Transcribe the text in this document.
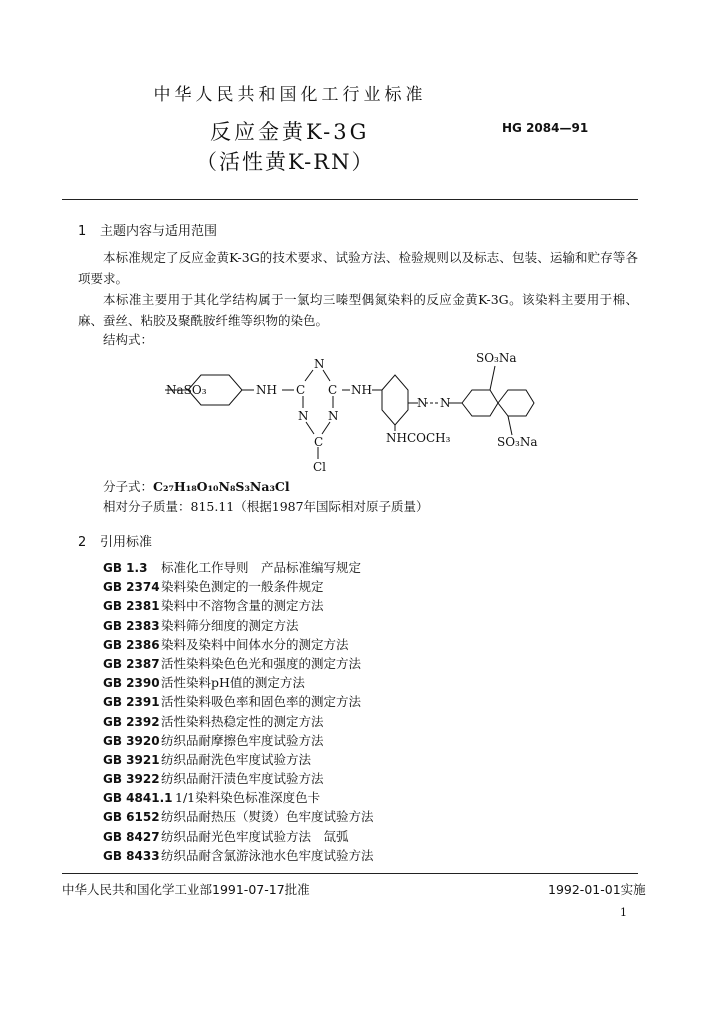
中华人民共和国化工行业标准
反应金黄K-3G
（活性黄K-RN）
HG 2084—91
1 主题内容与适用范围

本标准规定了反应金黄K-3G的技术要求、试验方法、检验规则以及标志、包装、运输和贮存等各项要求。

本标准主要用于其化学结构属于一氯均三嗪型偶氮染料的反应金黄K-3G。该染料主要用于棉、麻、蚕丝、粘胶及聚酰胺纤维等织物的染色。

结构式：
NaSO₃	NH C
N
C
N N
C
Cl
NH
N N
NHCOCH₃
SO₃Na
SO₃Na
分子式：C₂₇H₁₈O₁₀N₈S₃Na₃Cl
相对分子质量：815.11（根据1987年国际相对原子质量）
2 引用标准
GB 1.3 标准化工作导则　产品标准编写规定
GB 2374染料染色测定的一般条件规定
GB 2381染料中不溶物含量的测定方法
GB 2383染料筛分细度的测定方法
GB 2386染料及染料中间体水分的测定方法
GB 2387活性染料染色色光和强度的测定方法
GB 2390活性染料pH值的测定方法
GB 2391活性染料吸色率和固色率的测定方法
GB 2392活性染料热稳定性的测定方法
GB 3920纺织品耐摩擦色牢度试验方法
GB 3921纺织品耐洗色牢度试验方法
GB 3922纺织品耐汗渍色牢度试验方法
GB 4841.1 1/1染料染色标准深度色卡
GB 6152纺织品耐热压（熨烫）色牢度试验方法
GB 8427纺织品耐光色牢度试验方法　氙弧
GB 8433纺织品耐含氯游泳池水色牢度试验方法
中华人民共和国化学工业部1991-07-17批准	1992-01-01实施
1
